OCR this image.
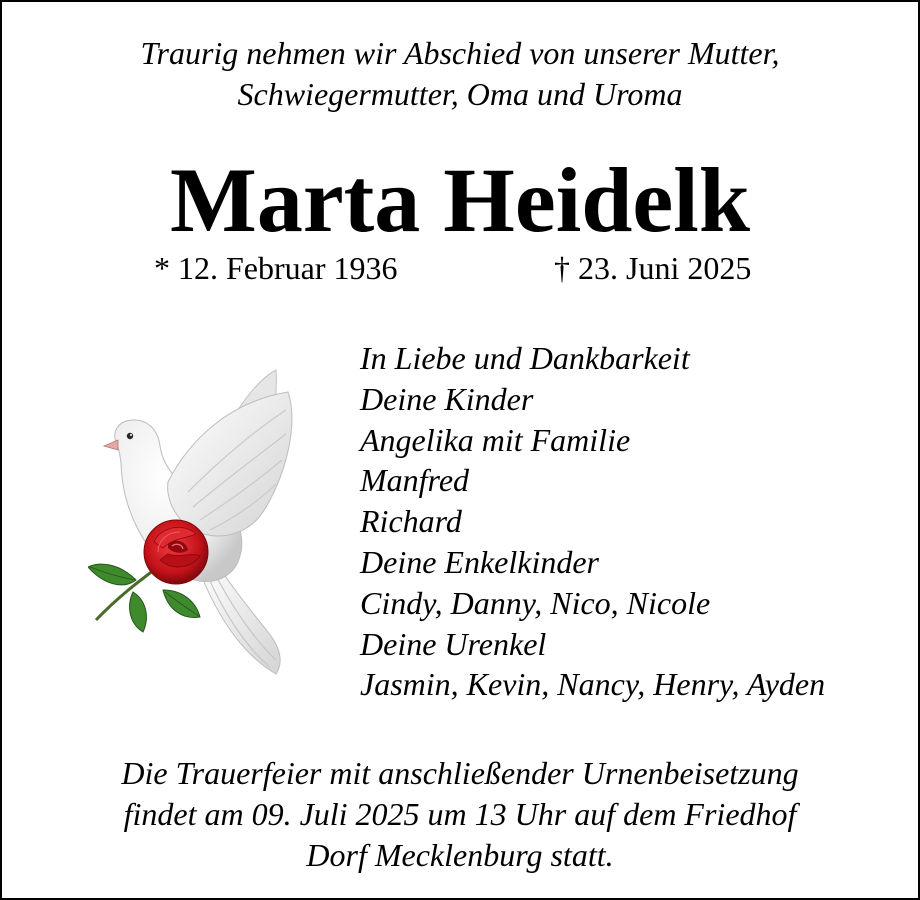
Traurig nehmen wir Abschied von unserer Mutter,
Schwiegermutter, Oma und Uroma
Marta Heidelk
* 12. Februar 1936	† 23. Juni 2025
In Liebe und Dankbarkeit
Deine Kinder
Angelika mit Familie
Manfred
Richard
Deine Enkelkinder
Cindy, Danny, Nico, Nicole
Deine Urenkel
Jasmin, Kevin, Nancy, Henry, Ayden
Die Trauerfeier mit anschließender Urnenbeisetzung
findet am 09. Juli 2025 um 13 Uhr auf dem Friedhof
Dorf Mecklenburg statt.
